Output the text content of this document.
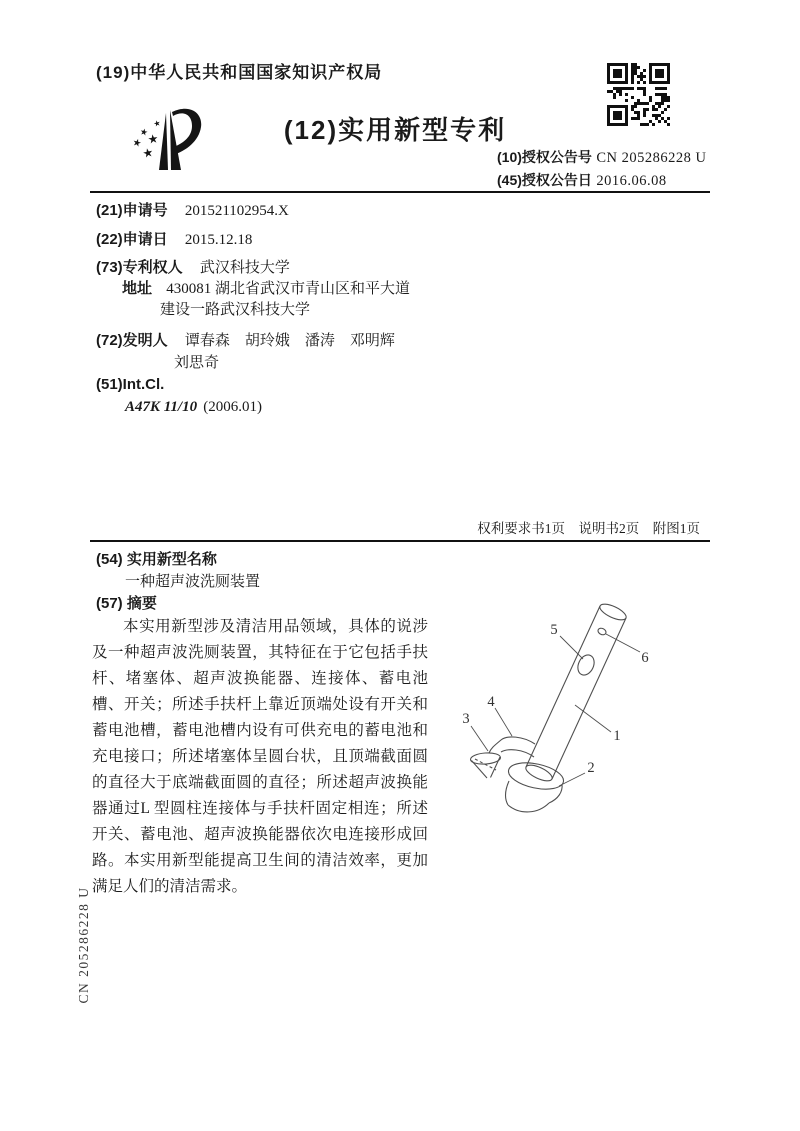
(19)中华人民共和国国家知识产权局
★
★
★
★
★
(12)实用新型专利
(10)授权公告号 CN 205286228 U
(45)授权公告日 2016.06.08
(21)申请号 201521102954.X
(22)申请日 2015.12.18
(73)专利权人 武汉科技大学
地址 430081 湖北省武汉市青山区和平大道
建设一路武汉科技大学
(72)发明人 谭春森　胡玲娥　潘涛　邓明辉
刘思奇
(51)Int.Cl.
A47K 11/10 (2006.01)
权利要求书1页　说明书2页　附图1页
(54) 实用新型名称
一种超声波洗厕装置
(57) 摘要
本实用新型涉及清洁用品领域，具体的说涉及一种超声波洗厕装置，其特征在于它包括手扶杆、堵塞体、超声波换能器、连接体、蓄电池槽、开关；所述手扶杆上靠近顶端处设有开关和蓄电池槽，蓄电池槽内设有可供充电的蓄电池和充电接口；所述堵塞体呈圆台状，且顶端截面圆的直径大于底端截面圆的直径；所述超声波换能器通过L 型圆柱连接体与手扶杆固定相连；所述开关、蓄电池、超声波换能器依次电连接形成回路。本实用新型能提高卫生间的清洁效率，更加满足人们的清洁需求。
5
6
1
2
4
3
CN 205286228 U
